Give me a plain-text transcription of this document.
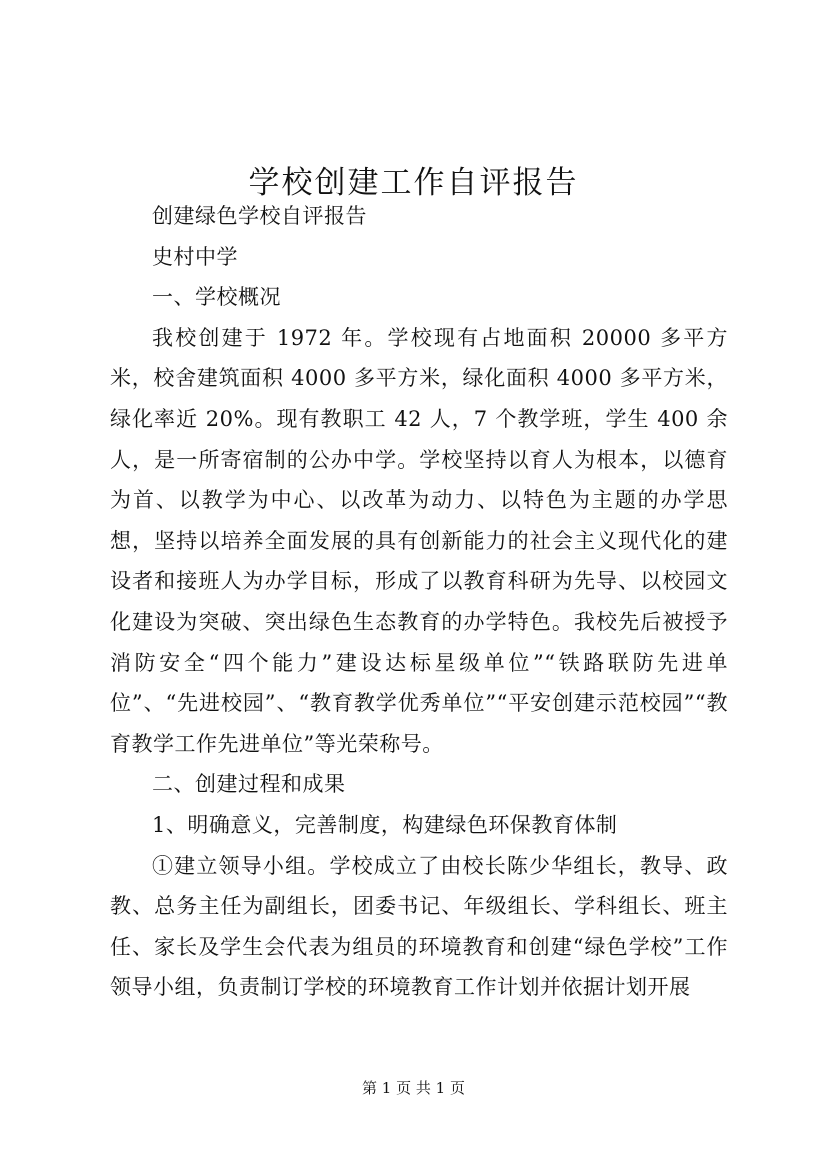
学校创建工作自评报告

创建绿色学校自评报告

史村中学

一、学校概况

我校创建于 1972 年。学校现有占地面积 20000 多平方米，校舍建筑面积 4000 多平方米，绿化面积 4000 多平方米，绿化率近 20%。现有教职工 42 人，7 个教学班，学生 400 余人，是一所寄宿制的公办中学。学校坚持以育人为根本，以德育为首、以教学为中心、以改革为动力、以特色为主题的办学思想，坚持以培养全面发展的具有创新能力的社会主义现代化的建设者和接班人为办学目标，形成了以教育科研为先导、以校园文化建设为突破、突出绿色生态教育的办学特色。我校先后被授予消防安全“四个能力”建设达标星级单位”“铁路联防先进单位”、“先进校园”、“教育教学优秀单位”“平安创建示范校园”“教育教学工作先进单位”等光荣称号。

二、创建过程和成果

1、明确意义，完善制度，构建绿色环保教育体制

①建立领导小组。学校成立了由校长陈少华组长，教导、政教、总务主任为副组长，团委书记、年级组长、学科组长、班主任、家长及学生会代表为组员的环境教育和创建“绿色学校”工作领导小组，负责制订学校的环境教育工作计划并依据计划开展

第 1 页 共 1 页
